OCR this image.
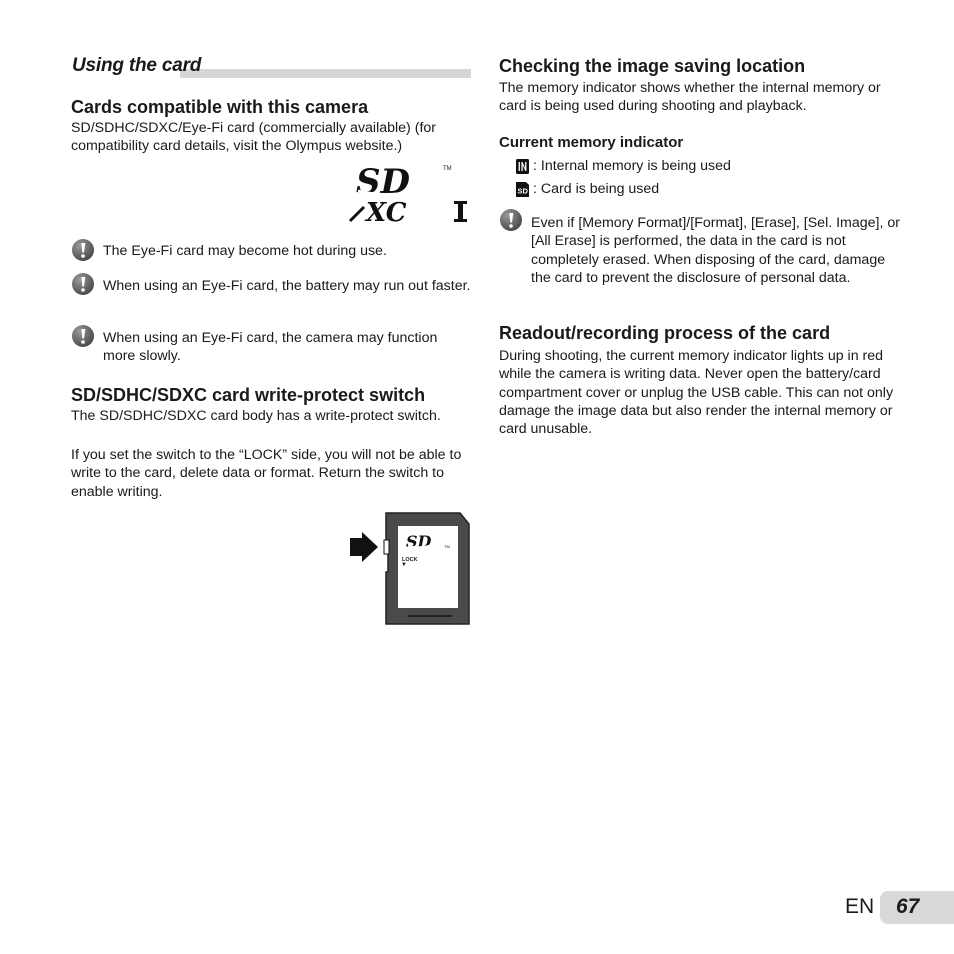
Using the card
Cards compatible with this camera
SD/SDHC/SDXC/Eye-Fi card (commercially available) (for compatibility card details, visit the Olympus website.)
SD
XC
TM
The Eye-Fi card may become hot during use.
When using an Eye-Fi card, the battery may run out faster.
When using an Eye-Fi card, the camera may function more slowly.
SD/SDHC/SDXC card write-protect switch
The SD/SDHC/SDXC card body has a write-protect switch.
If you set the switch to the “LOCK” side, you will not be able to write to the card, delete data or format. Return the switch to enable writing.
SD
LOCK
▼
TM
Checking the image saving location
The memory indicator shows whether the internal memory or card is being used during shooting and playback.
Current memory indicator
: Internal memory is being used
SD : Card is being used
Even if [Memory Format]/[Format], [Erase], [Sel. Image], or [All Erase] is performed, the data in the card is not completely erased. When disposing of the card, damage the card to prevent the disclosure of personal data.
Readout/recording process of the card
During shooting, the current memory indicator lights up in red while the camera is writing data. Never open the battery/card compartment cover or unplug the USB cable. This can not only damage the image data but also render the internal memory or card unusable.
EN 67
